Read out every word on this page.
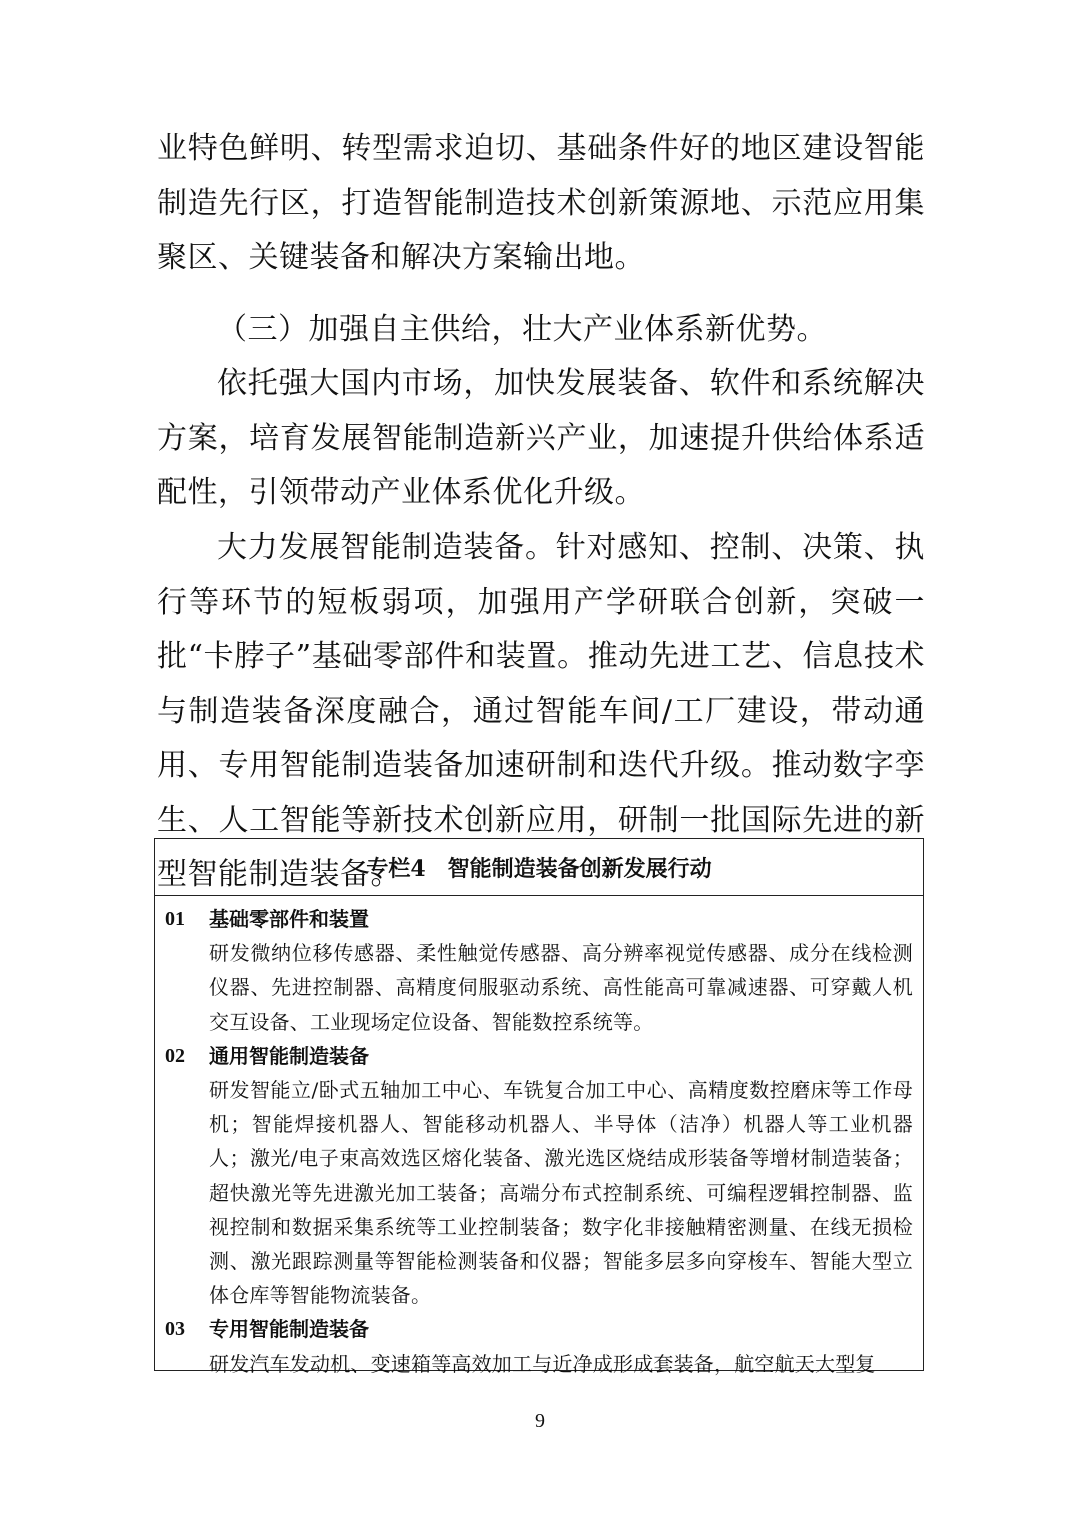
业特色鲜明、转型需求迫切、基础条件好的地区建设智能制造先行区，打造智能制造技术创新策源地、示范应用集聚区、关键装备和解决方案输出地。

（三）加强自主供给，壮大产业体系新优势。

依托强大国内市场，加快发展装备、软件和系统解决方案，培育发展智能制造新兴产业，加速提升供给体系适配性，引领带动产业体系优化升级。

大力发展智能制造装备。针对感知、控制、决策、执行等环节的短板弱项，加强用产学研联合创新，突破一批“卡脖子”基础零部件和装置。推动先进工艺、信息技术与制造装备深度融合，通过智能车间/工厂建设，带动通用、专用智能制造装备加速研制和迭代升级。推动数字孪生、人工智能等新技术创新应用，研制一批国际先进的新型智能制造装备。

专栏4　智能制造装备创新发展行动
01	基础零部件和装置
研发微纳位移传感器、柔性触觉传感器、高分辨率视觉传感器、成分在线检测仪器、先进控制器、高精度伺服驱动系统、高性能高可靠减速器、可穿戴人机交互设备、工业现场定位设备、智能数控系统等。
02	通用智能制造装备
研发智能立/卧式五轴加工中心、车铣复合加工中心、高精度数控磨床等工作母机；智能焊接机器人、智能移动机器人、半导体（洁净）机器人等工业机器人；激光/电子束高效选区熔化装备、激光选区烧结成形装备等增材制造装备；超快激光等先进激光加工装备；高端分布式控制系统、可编程逻辑控制器、监视控制和数据采集系统等工业控制装备；数字化非接触精密测量、在线无损检测、激光跟踪测量等智能检测装备和仪器；智能多层多向穿梭车、智能大型立体仓库等智能物流装备。
03	专用智能制造装备
研发汽车发动机、变速箱等高效加工与近净成形成套装备，航空航天大型复
9
